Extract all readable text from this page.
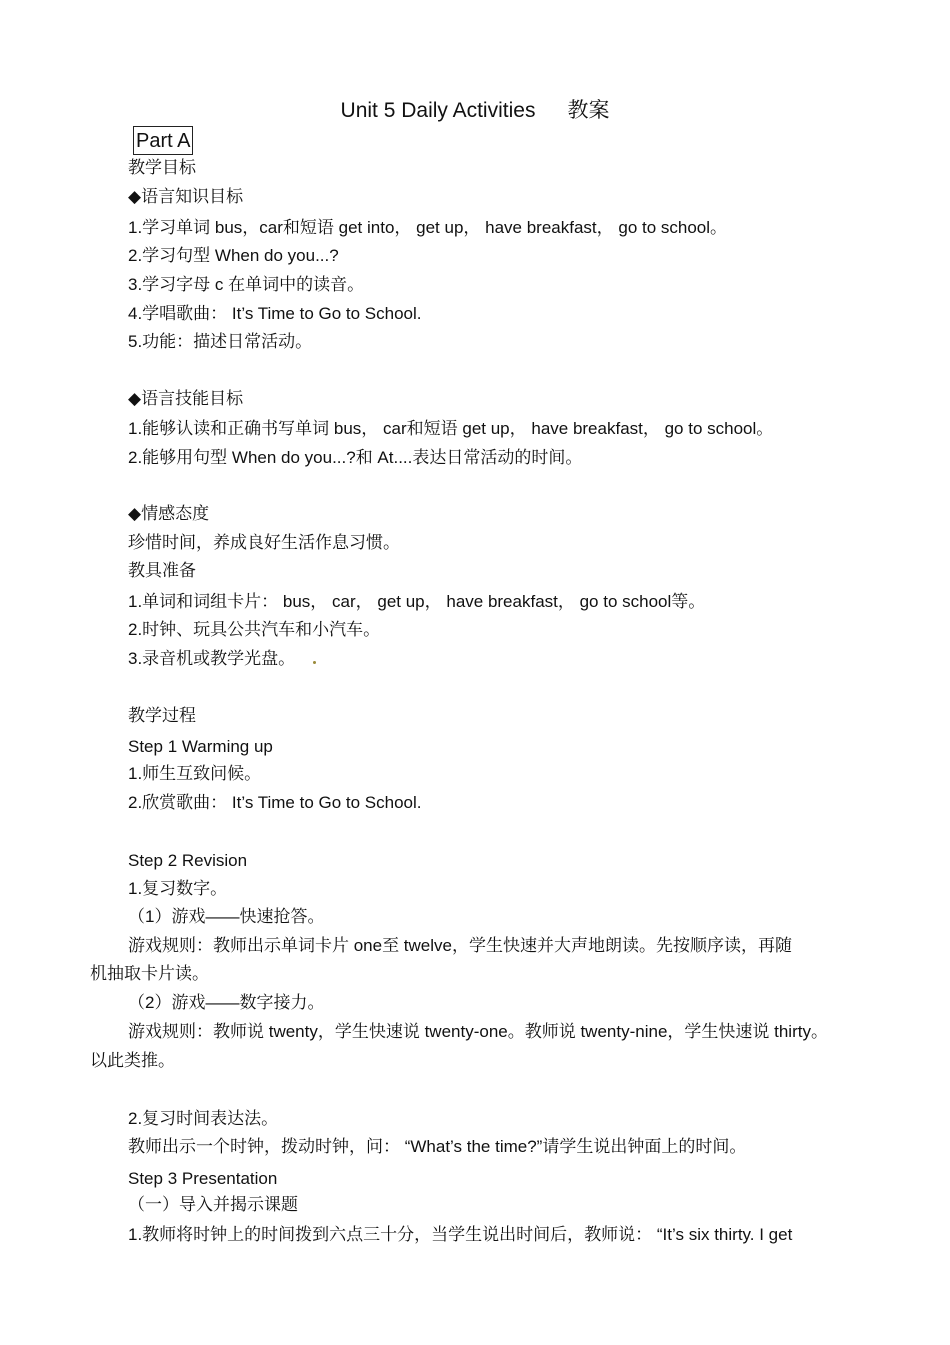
Unit 5 Daily Activities 教案
Part A
教学目标
◆语言知识目标
1.学习单词 bus，car和短语 get into， get up， have breakfast， go to school。
2.学习句型 When do you...?
3.学习字母 c 在单词中的读音。
4.学唱歌曲： It’s Time to Go to School.
5.功能：描述日常活动。
◆语言技能目标
1.能够认读和正确书写单词 bus， car和短语 get up， have breakfast， go to school。
2.能够用句型 When do you...?和 At....表达日常活动的时间。
◆情感态度
珍惜时间，养成良好生活作息习惯。
教具准备
1.单词和词组卡片： bus， car， get up， have breakfast， go to school等。
2.时钟、玩具公共汽车和小汽车。
3.录音机或教学光盘。
教学过程
Step 1 Warming up
1.师生互致问候。
2.欣赏歌曲： It’s Time to Go to School.
Step 2 Revision
1.复习数字。
（1）游戏——快速抢答。
游戏规则：教师出示单词卡片 one至 twelve，学生快速并大声地朗读。先按顺序读，再随
机抽取卡片读。
（2）游戏——数字接力。
游戏规则：教师说 twenty，学生快速说 twenty-one。教师说 twenty-nine，学生快速说 thirty。
以此类推。
2.复习时间表达法。
教师出示一个时钟，拨动时钟，问： “What’s the time?”请学生说出钟面上的时间。
Step 3 Presentation
（一）导入并揭示课题
1.教师将时钟上的时间拨到六点三十分，当学生说出时间后，教师说： “It’s six thirty. I get
